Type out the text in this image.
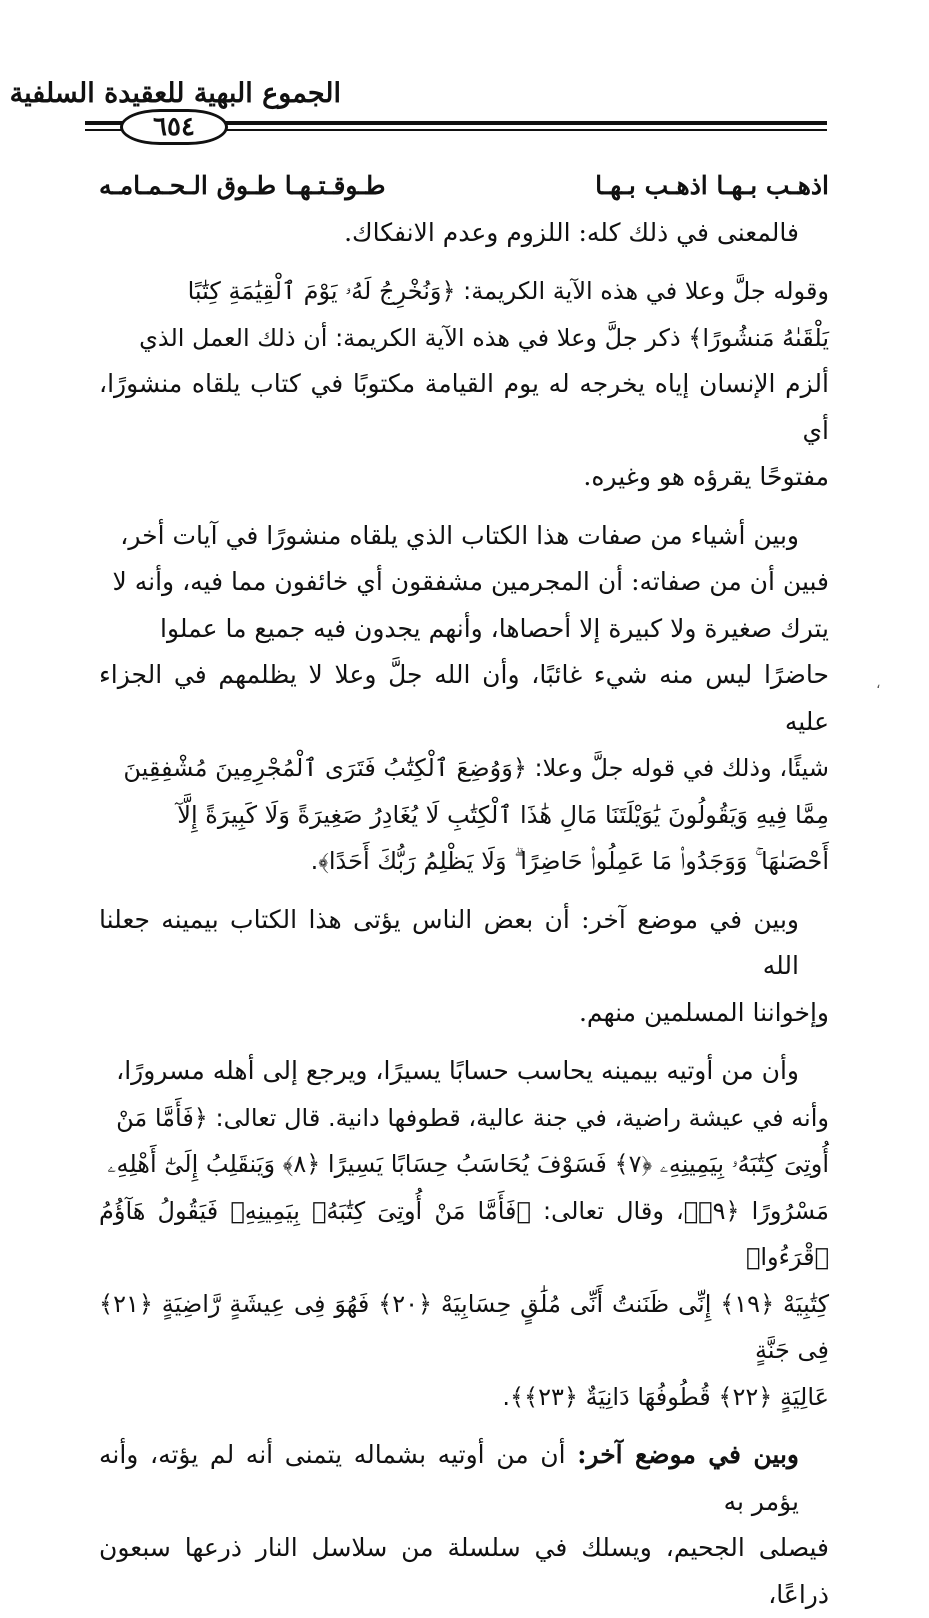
الجموع البهية للعقيدة السلفية
٦٥٤
اذهـب بـهـا اذهـب بـهـا
طـوقـتـهـا طـوق الـحـمـامـه
فالمعنى في ذلك كله: اللزوم وعدم الانفكاك.
وقوله جلَّ وعلا في هذه الآية الكريمة: ﴿وَنُخْرِجُ لَهُۥ يَوْمَ ٱلْقِيَٰمَةِ كِتَٰبًا
يَلْقَىٰهُ مَنشُورًا﴾ ذكر جلَّ وعلا في هذه الآية الكريمة: أن ذلك العمل الذي
ألزم الإنسان إياه يخرجه له يوم القيامة مكتوبًا في كتاب يلقاه منشورًا، أي
مفتوحًا يقرؤه هو وغيره.
وبين أشياء من صفات هذا الكتاب الذي يلقاه منشورًا في آيات أخر،
فبين أن من صفاته: أن المجرمين مشفقون أي خائفون مما فيه، وأنه لا
يترك صغيرة ولا كبيرة إلا أحصاها، وأنهم يجدون فيه جميع ما عملوا
حاضرًا ليس منه شيء غائبًا، وأن الله جلَّ وعلا لا يظلمهم في الجزاء عليه
شيئًا، وذلك في قوله جلَّ وعلا: ﴿وَوُضِعَ ٱلْكِتَٰبُ فَتَرَى ٱلْمُجْرِمِينَ مُشْفِقِينَ
مِمَّا فِيهِ وَيَقُولُونَ يَٰوَيْلَتَنَا مَالِ هَٰذَا ٱلْكِتَٰبِ لَا يُغَادِرُ صَغِيرَةً وَلَا كَبِيرَةً إِلَّآ
أَحْصَىٰهَا ۚ وَوَجَدُوا۟ مَا عَمِلُوا۟ حَاضِرًا ۗ وَلَا يَظْلِمُ رَبُّكَ أَحَدًا﴾.
وبين في موضع آخر: أن بعض الناس يؤتى هذا الكتاب بيمينه جعلنا الله
وإخواننا المسلمين منهم.
وأن من أوتيه بيمينه يحاسب حسابًا يسيرًا، ويرجع إلى أهله مسرورًا،
وأنه في عيشة راضية، في جنة عالية، قطوفها دانية. قال تعالى: ﴿فَأَمَّا مَنْ
أُوتِىَ كِتَٰبَهُۥ بِيَمِينِهِۦ ﴿٧﴾ فَسَوْفَ يُحَاسَبُ حِسَابًا يَسِيرًا ﴿٨﴾ وَيَنقَلِبُ إِلَىٰٓ أَهْلِهِۦ
مَسْرُورًا ﴿٩﴾﴾، وقال تعالى: ﴿فَأَمَّا مَنْ أُوتِىَ كِتَٰبَهُۥ بِيَمِينِهِۦ فَيَقُولُ هَآؤُمُ ٱقْرَءُوا۟
كِتَٰبِيَهْ ﴿١٩﴾ إِنِّى ظَنَنتُ أَنِّى مُلَٰقٍ حِسَابِيَهْ ﴿٢٠﴾ فَهُوَ فِى عِيشَةٍ رَّاضِيَةٍ ﴿٢١﴾ فِى جَنَّةٍ
عَالِيَةٍ ﴿٢٢﴾ قُطُوفُهَا دَانِيَةٌ ﴿٢٣﴾﴾.
وبين في موضع آخر: أن من أوتيه بشماله يتمنى أنه لم يؤته، وأنه يؤمر به
فيصلى الجحيم، ويسلك في سلسلة من سلاسل النار ذرعها سبعون ذراعًا،
،
